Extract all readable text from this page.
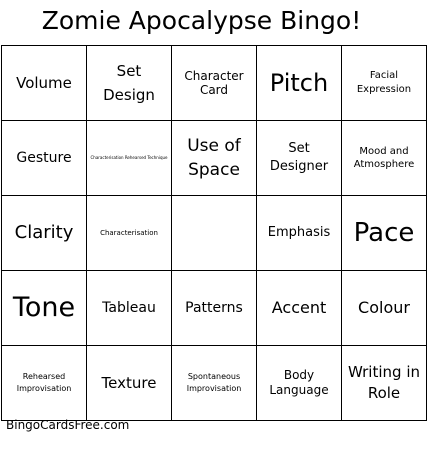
Zomie Apocalypse Bingo!
Volume	Set Design	Character Card	Pitch	Facial Expression
Gesture	Characterisation Rehearsed Technique	Use of Space	Set Designer	Mood and Atmosphere
Clarity	Characterisation		Emphasis	Pace
Tone	Tableau	Patterns	Accent	Colour
Rehearsed Improvisation	Texture	Spontaneous Improvisation	Body Language	Writing in Role
BingoCardsFree.com
